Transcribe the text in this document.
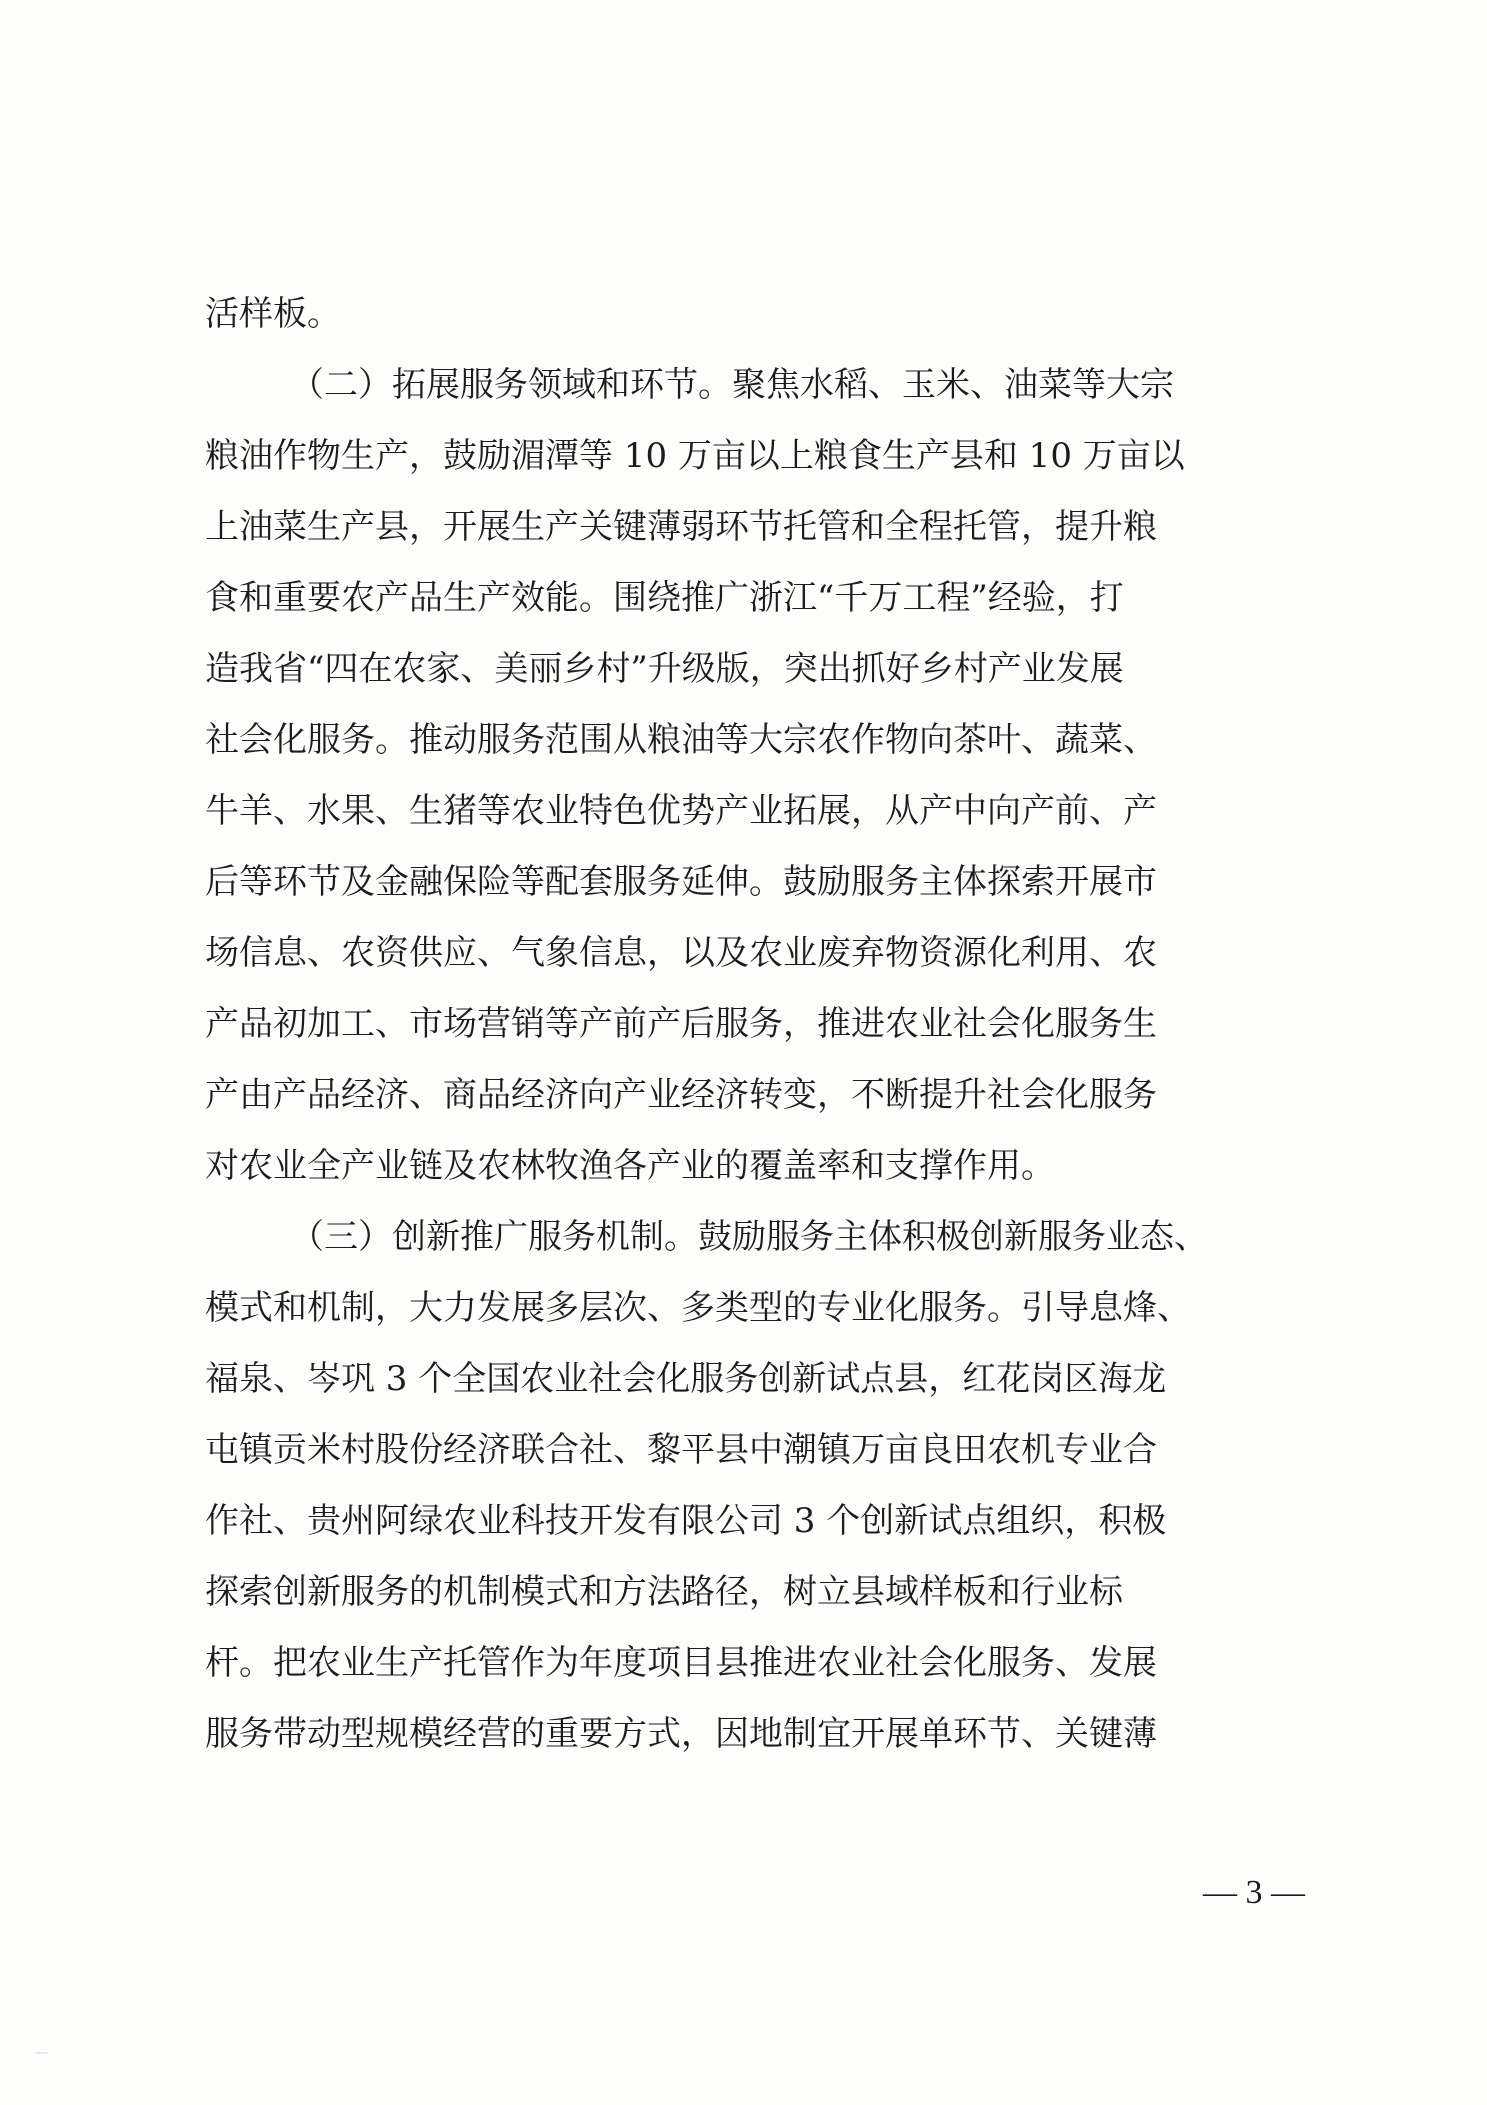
活样板。
（二）拓展服务领域和环节。聚焦水稻、玉米、油菜等大宗
粮油作物生产，鼓励湄潭等 10 万亩以上粮食生产县和 10 万亩以
上油菜生产县，开展生产关键薄弱环节托管和全程托管，提升粮
食和重要农产品生产效能。围绕推广浙江“千万工程”经验，打
造我省“四在农家、美丽乡村”升级版，突出抓好乡村产业发展
社会化服务。推动服务范围从粮油等大宗农作物向茶叶、蔬菜、
牛羊、水果、生猪等农业特色优势产业拓展，从产中向产前、产
后等环节及金融保险等配套服务延伸。鼓励服务主体探索开展市
场信息、农资供应、气象信息，以及农业废弃物资源化利用、农
产品初加工、市场营销等产前产后服务，推进农业社会化服务生
产由产品经济、商品经济向产业经济转变，不断提升社会化服务
对农业全产业链及农林牧渔各产业的覆盖率和支撑作用。
（三）创新推广服务机制。鼓励服务主体积极创新服务业态、
模式和机制，大力发展多层次、多类型的专业化服务。引导息烽、
福泉、岑巩 3 个全国农业社会化服务创新试点县，红花岗区海龙
屯镇贡米村股份经济联合社、黎平县中潮镇万亩良田农机专业合
作社、贵州阿绿农业科技开发有限公司 3 个创新试点组织，积极
探索创新服务的机制模式和方法路径，树立县域样板和行业标
杆。把农业生产托管作为年度项目县推进农业社会化服务、发展
服务带动型规模经营的重要方式，因地制宜开展单环节、关键薄
— 3 —
